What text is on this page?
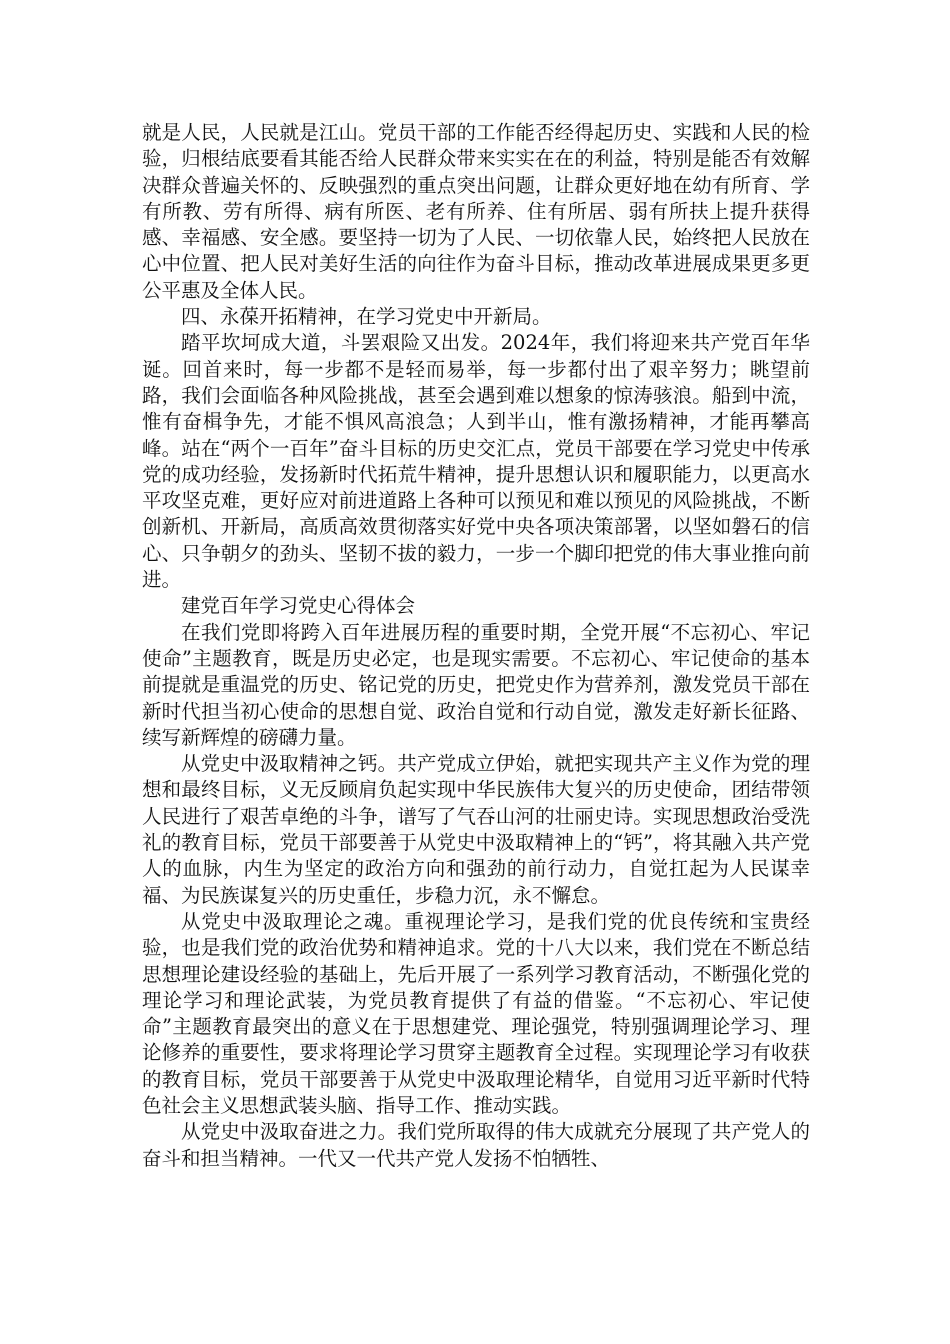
就是人民，人民就是江山。党员干部的工作能否经得起历史、实践和人民的检验，归根结底要看其能否给人民群众带来实实在在的利益，特别是能否有效解决群众普遍关怀的、反映强烈的重点突出问题，让群众更好地在幼有所育、学有所教、劳有所得、病有所医、老有所养、住有所居、弱有所扶上提升获得感、幸福感、安全感。要坚持一切为了人民、一切依靠人民，始终把人民放在心中位置、把人民对美好生活的向往作为奋斗目标，推动改革进展成果更多更公平惠及全体人民。

四、永葆开拓精神，在学习党史中开新局。

踏平坎坷成大道，斗罢艰险又出发。2024年，我们将迎来共产党百年华诞。回首来时，每一步都不是轻而易举，每一步都付出了艰辛努力；眺望前路，我们会面临各种风险挑战，甚至会遇到难以想象的惊涛骇浪。船到中流，惟有奋楫争先，才能不惧风高浪急；人到半山，惟有激扬精神，才能再攀高峰。站在“两个一百年”奋斗目标的历史交汇点，党员干部要在学习党史中传承党的成功经验，发扬新时代拓荒牛精神，提升思想认识和履职能力，以更高水平攻坚克难，更好应对前进道路上各种可以预见和难以预见的风险挑战，不断创新机、开新局，高质高效贯彻落实好党中央各项决策部署，以坚如磐石的信心、只争朝夕的劲头、坚韧不拔的毅力，一步一个脚印把党的伟大事业推向前进。

建党百年学习党史心得体会

在我们党即将跨入百年进展历程的重要时期，全党开展“不忘初心、牢记使命”主题教育，既是历史必定，也是现实需要。不忘初心、牢记使命的基本前提就是重温党的历史、铭记党的历史，把党史作为营养剂，激发党员干部在新时代担当初心使命的思想自觉、政治自觉和行动自觉，激发走好新长征路、续写新辉煌的磅礴力量。

从党史中汲取精神之钙。共产党成立伊始，就把实现共产主义作为党的理想和最终目标，义无反顾肩负起实现中华民族伟大复兴的历史使命，团结带领人民进行了艰苦卓绝的斗争，谱写了气吞山河的壮丽史诗。实现思想政治受洗礼的教育目标，党员干部要善于从党史中汲取精神上的“钙”，将其融入共产党人的血脉，内生为坚定的政治方向和强劲的前行动力，自觉扛起为人民谋幸福、为民族谋复兴的历史重任，步稳力沉，永不懈怠。

从党史中汲取理论之魂。重视理论学习，是我们党的优良传统和宝贵经验，也是我们党的政治优势和精神追求。党的十八大以来，我们党在不断总结思想理论建设经验的基础上，先后开展了一系列学习教育活动，不断强化党的理论学习和理论武装，为党员教育提供了有益的借鉴。“不忘初心、牢记使命”主题教育最突出的意义在于思想建党、理论强党，特别强调理论学习、理论修养的重要性，要求将理论学习贯穿主题教育全过程。实现理论学习有收获的教育目标，党员干部要善于从党史中汲取理论精华，自觉用习近平新时代特色社会主义思想武装头脑、指导工作、推动实践。

从党史中汲取奋进之力。我们党所取得的伟大成就充分展现了共产党人的奋斗和担当精神。一代又一代共产党人发扬不怕牺牲、
